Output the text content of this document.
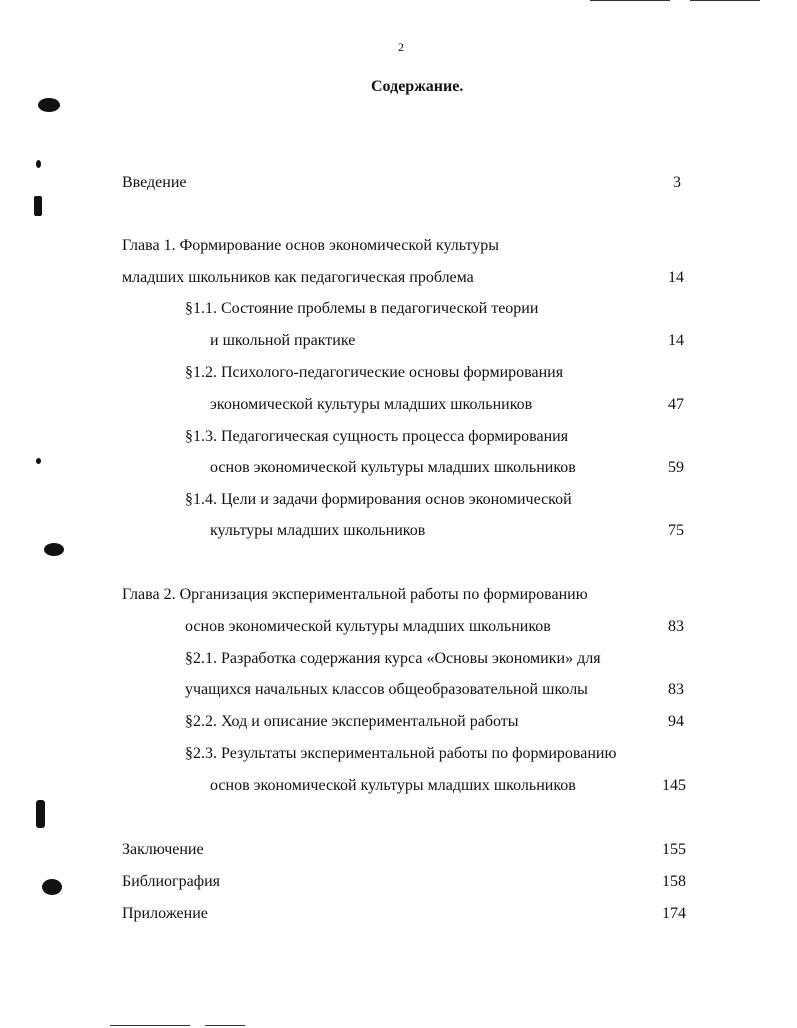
2
Содержание.
Введение	3
Глава 1. Формирование основ экономической культуры
младших школьников как педагогическая проблема	14
§1.1. Состояние проблемы в педагогической теории
и школьной практике	14
§1.2. Психолого-педагогические основы формирования
экономической культуры младших школьников	47
§1.3. Педагогическая сущность процесса формирования
основ экономической культуры младших школьников	59
§1.4. Цели и задачи формирования основ экономической
культуры младших школьников	75
Глава 2. Организация экспериментальной работы по формированию
основ экономической культуры младших школьников	83
§2.1. Разработка содержания курса «Основы экономики» для
учащихся начальных классов общеобразовательной школы	83
§2.2. Ход и описание экспериментальной работы	94
§2.3. Результаты экспериментальной работы по формированию
основ экономической культуры младших школьников	145
Заключение	155
Библиография	158
Приложение	174
